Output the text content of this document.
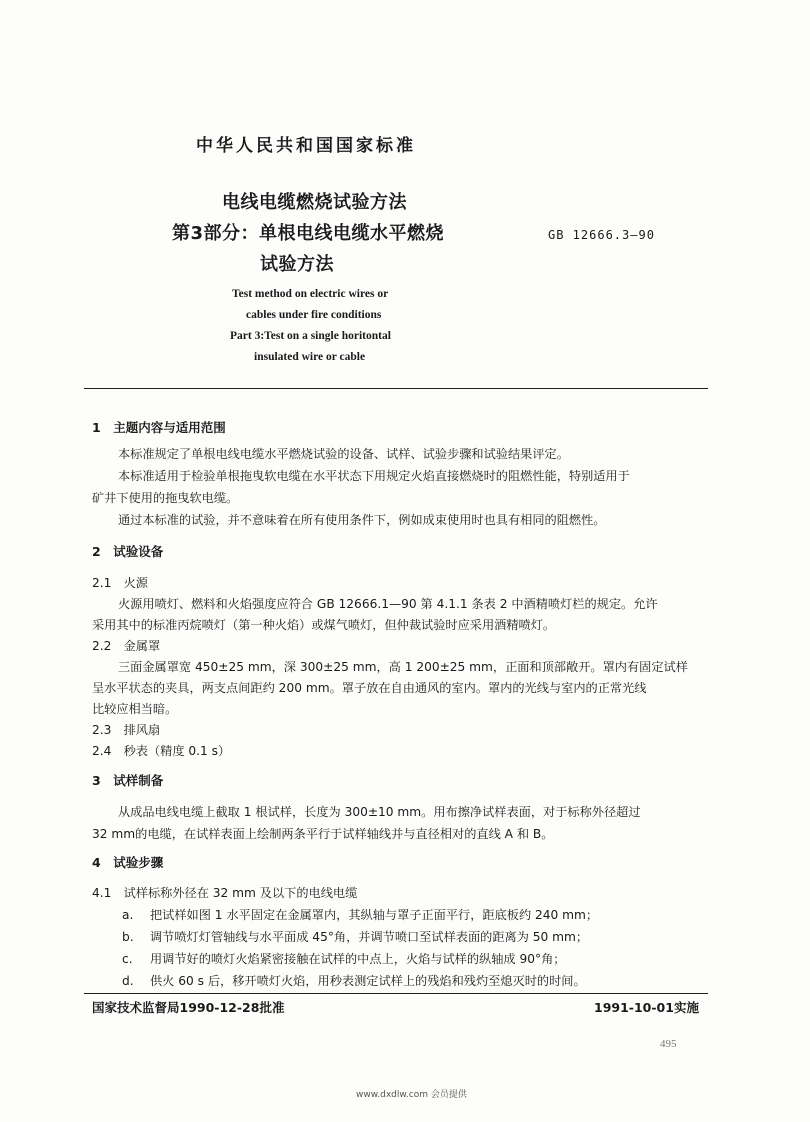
中华人民共和国国家标准
电线电缆燃烧试验方法
第3部分：单根电线电缆水平燃烧
试验方法
GB 12666.3—90
Test method on electric wires or
cables under fire conditions
Part 3:Test on a single horitontal
insulated wire or cable
1　主题内容与适用范围
本标准规定了单根电线电缆水平燃烧试验的设备、试样、试验步骤和试验结果评定。
本标准适用于检验单根拖曳软电缆在水平状态下用规定火焰直接燃烧时的阻燃性能，特别适用于
矿井下使用的拖曳软电缆。
通过本标准的试验，并不意味着在所有使用条件下，例如成束使用时也具有相同的阻燃性。
2　试验设备
2.1　火源
火源用喷灯、燃料和火焰强度应符合 GB 12666.1—90 第 4.1.1 条表 2 中酒精喷灯栏的规定。允许
采用其中的标准丙烷喷灯（第一种火焰）或煤气喷灯，但仲裁试验时应采用酒精喷灯。
2.2　金属罩
三面金属罩宽 450±25 mm，深 300±25 mm，高 1 200±25 mm，正面和顶部敞开。罩内有固定试样
呈水平状态的夹具，两支点间距约 200 mm。罩子放在自由通风的室内。罩内的光线与室内的正常光线
比较应相当暗。
2.3　排风扇
2.4　秒表（精度 0.1 s）
3　试样制备
从成品电线电缆上截取 1 根试样，长度为 300±10 mm。用布擦净试样表面，对于标称外径超过
32 mm的电缆，在试样表面上绘制两条平行于试样轴线并与直径相对的直线 A 和 B。
4　试验步骤
4.1　试样标称外径在 32 mm 及以下的电线电缆
a. 把试样如图 1 水平固定在金属罩内，其纵轴与罩子正面平行，距底板约 240 mm；
b. 调节喷灯灯管轴线与水平面成 45°角，并调节喷口至试样表面的距离为 50 mm；
c. 用调节好的喷灯火焰紧密接触在试样的中点上，火焰与试样的纵轴成 90°角；
d. 供火 60 s 后，移开喷灯火焰，用秒表测定试样上的残焰和残灼至熄灭时的时间。
国家技术监督局1990-12-28批准	1991-10-01实施
495
www.dxdlw.com 会员提供
